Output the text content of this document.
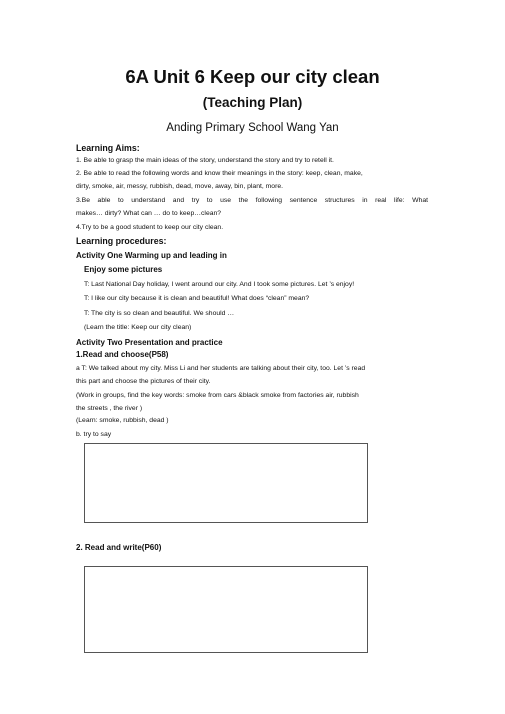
6A Unit 6 Keep our city clean
(Teaching Plan)
Anding Primary School Wang Yan
Learning Aims:
1. Be able to grasp the main ideas of the story, understand the story and try to retell it.
2. Be able to read the following words and know their meanings in the story: keep, clean, make,
dirty, smoke, air, messy, rubbish, dead, move, away, bin, plant, more.
3.Be able to understand and try to use the following sentence structures in real life: What
makes… dirty? What can … do to keep…clean?
4.Try to be a good student to keep our city clean.
Learning procedures:
Activity One Warming up and leading in
Enjoy some pictures
T: Last National Day holiday, I went around our city. And I took some pictures. Let ’s enjoy!
T: I like our city because it is clean and beautiful! What does “clean” mean?
T: The city is so clean and beautiful. We should …
(Learn the title: Keep our city clean)
Activity Two Presentation and practice
1.Read and choose(P58)
a T: We talked about my city. Miss Li and her students are talking about their city, too. Let ’s read
this part and choose the pictures of their city.
(Work in groups, find the key words: smoke from cars &black smoke from factories air, rubbish
the streets , the river )
(Learn: smoke, rubbish, dead )
b. try to say
2. Read and write(P60)
